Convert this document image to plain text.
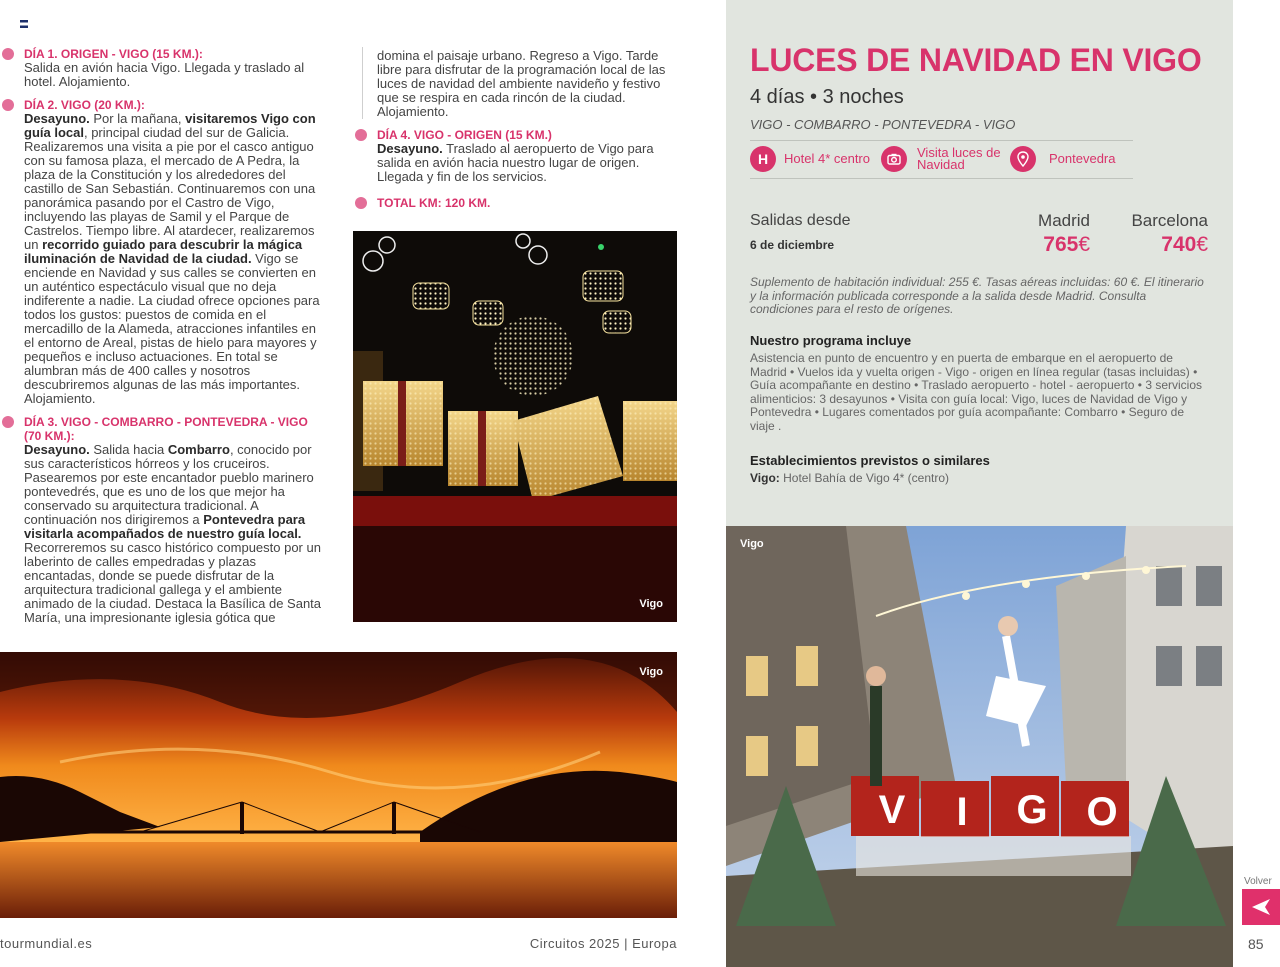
DÍA 1. ORIGEN - VIGO (15 KM.):

Salida en avión hacia Vigo. Llegada y traslado al hotel. Alojamiento.

DÍA 2. VIGO (20 KM.):

Desayuno. Por la mañana, visitaremos Vigo con guía local, principal ciudad del sur de Galicia. Realizaremos una visita a pie por el casco antiguo con su famosa plaza, el mercado de A Pedra, la plaza de la Constitución y los alrededores del castillo de San Sebastián. Continuaremos con una panorámica pasando por el Castro de Vigo, incluyendo las playas de Samil y el Parque de Castrelos. Tiempo libre. Al atardecer, realizaremos un recorrido guiado para descubrir la mágica iluminación de Navidad de la ciudad. Vigo se enciende en Navidad y sus calles se convierten en un auténtico espectáculo visual que no deja indiferente a nadie. La ciudad ofrece opciones para todos los gustos: puestos de comida en el mercadillo de la Alameda, atracciones infantiles en el entorno de Areal, pistas de hielo para mayores y pequeños e incluso actuaciones. En total se alumbran más de 400 calles y nosotros descubriremos algunas de las más importantes. Alojamiento.

DÍA 3. VIGO - COMBARRO - PONTEVEDRA - VIGO (70 KM.):

Desayuno. Salida hacia Combarro, conocido por sus característicos hórreos y los cruceiros. Pasearemos por este encantador pueblo marinero pontevedrés, que es uno de los que mejor ha conservado su arquitectura tradicional. A continuación nos dirigiremos a Pontevedra para visitarla acompañados de nuestro guía local. Recorreremos su casco histórico compuesto por un laberinto de calles empedradas y plazas encantadas, donde se puede disfrutar de la arquitectura tradicional gallega y el ambiente animado de la ciudad. Destaca la Basílica de Santa María, una impresionante iglesia gótica que

domina el paisaje urbano. Regreso a Vigo. Tarde libre para disfrutar de la programación local de las luces de navidad del ambiente navideño y festivo que se respira en cada rincón de la ciudad. Alojamiento.

DÍA 4. VIGO - ORIGEN (15 KM.)

Desayuno. Traslado al aeropuerto de Vigo para salida en avión hacia nuestro lugar de origen. Llegada y fin de los servicios.

TOTAL KM: 120 KM.
Vigo
Vigo
LUCES DE NAVIDAD EN VIGO
4 días • 3 noches
VIGO - COMBARRO - PONTEVEDRA - VIGO
H	Hotel 4* centro	Visita luces de Navidad	Pontevedra
Salidas desde
6 de diciembre
Madrid
765€
Barcelona
740€
Suplemento de habitación individual: 255 €. Tasas aéreas incluidas: 60 €. El itinerario y la información publicada corresponde a la salida desde Madrid. Consulta condiciones para el resto de orígenes.
Nuestro programa incluye
Asistencia en punto de encuentro y en puerta de embarque en el aeropuerto de Madrid • Vuelos ida y vuelta origen - Vigo - origen en línea regular (tasas incluidas) • Guía acompañante en destino • Traslado aeropuerto - hotel - aeropuerto • 3 servicios alimenticios: 3 desayunos • Visita con guía local: Vigo, luces de Navidad de Vigo y Pontevedra • Lugares comentados por guía acompañante: Combarro • Seguro de viaje .
Establecimientos previstos o similares
Vigo: Hotel Bahía de Vigo 4* (centro)
V	I	G O
Vigo
tourmundial.es	Circuitos 2025 | Europa
Volver
85
